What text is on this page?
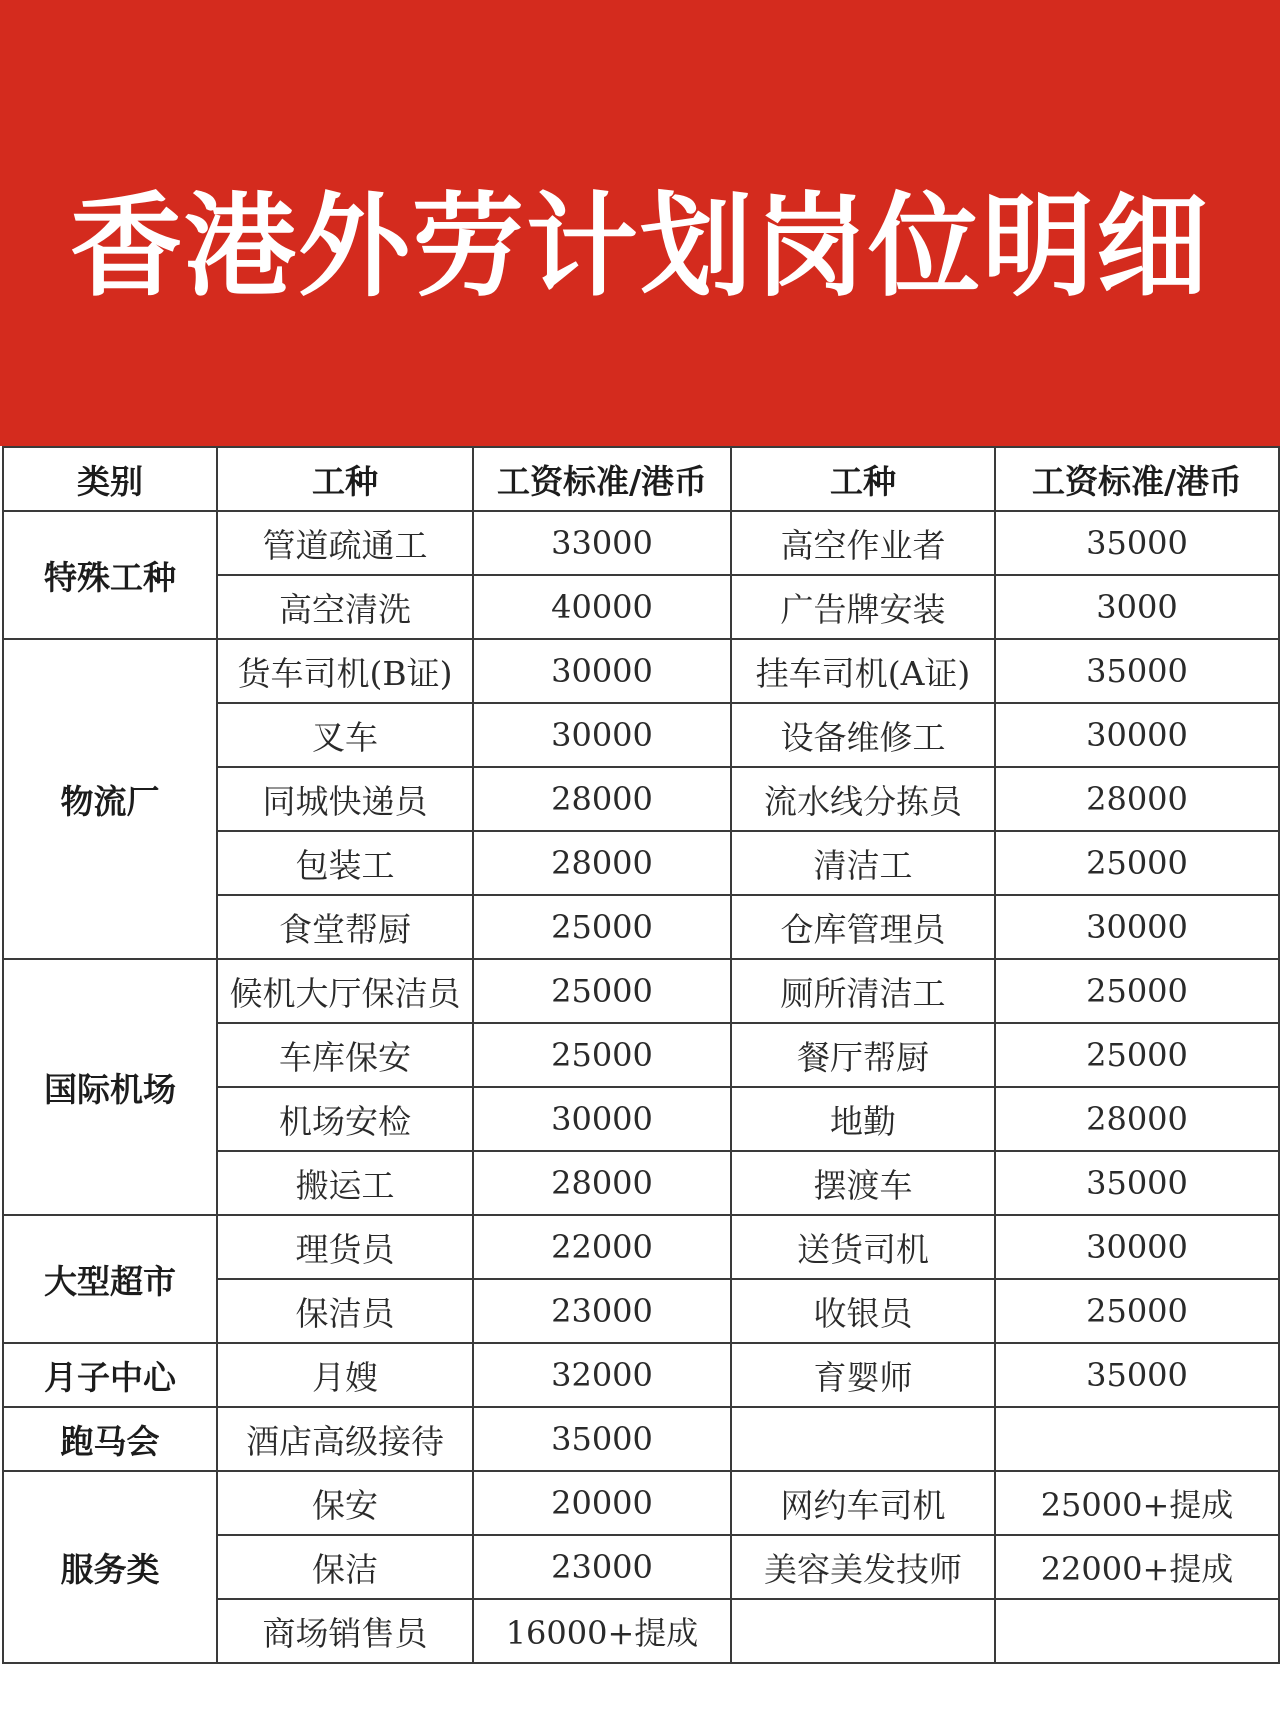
香港外劳计划岗位明细
类别	工种	工资标准/港币	工种	工资标准/港币
特殊工种	管道疏通工	33000	高空作业者	35000
	高空清洗	40000	广告牌安装	3000
物流厂	货车司机(B证)	30000	挂车司机(A证)	35000
	叉车	30000	设备维修工	30000
	同城快递员	28000	流水线分拣员	28000
	包装工	28000	清洁工	25000
	食堂帮厨	25000	仓库管理员	30000
国际机场	候机大厅保洁员	25000	厕所清洁工	25000
	车库保安	25000	餐厅帮厨	25000
	机场安检	30000	地勤	28000
	搬运工	28000	摆渡车	35000
大型超市	理货员	22000	送货司机	30000
	保洁员	23000	收银员	25000
月子中心	月嫂	32000	育婴师	35000
跑马会	酒店高级接待	35000		
服务类	保安	20000	网约车司机	25000+提成
	保洁	23000	美容美发技师	22000+提成
	商场销售员	16000+提成		
